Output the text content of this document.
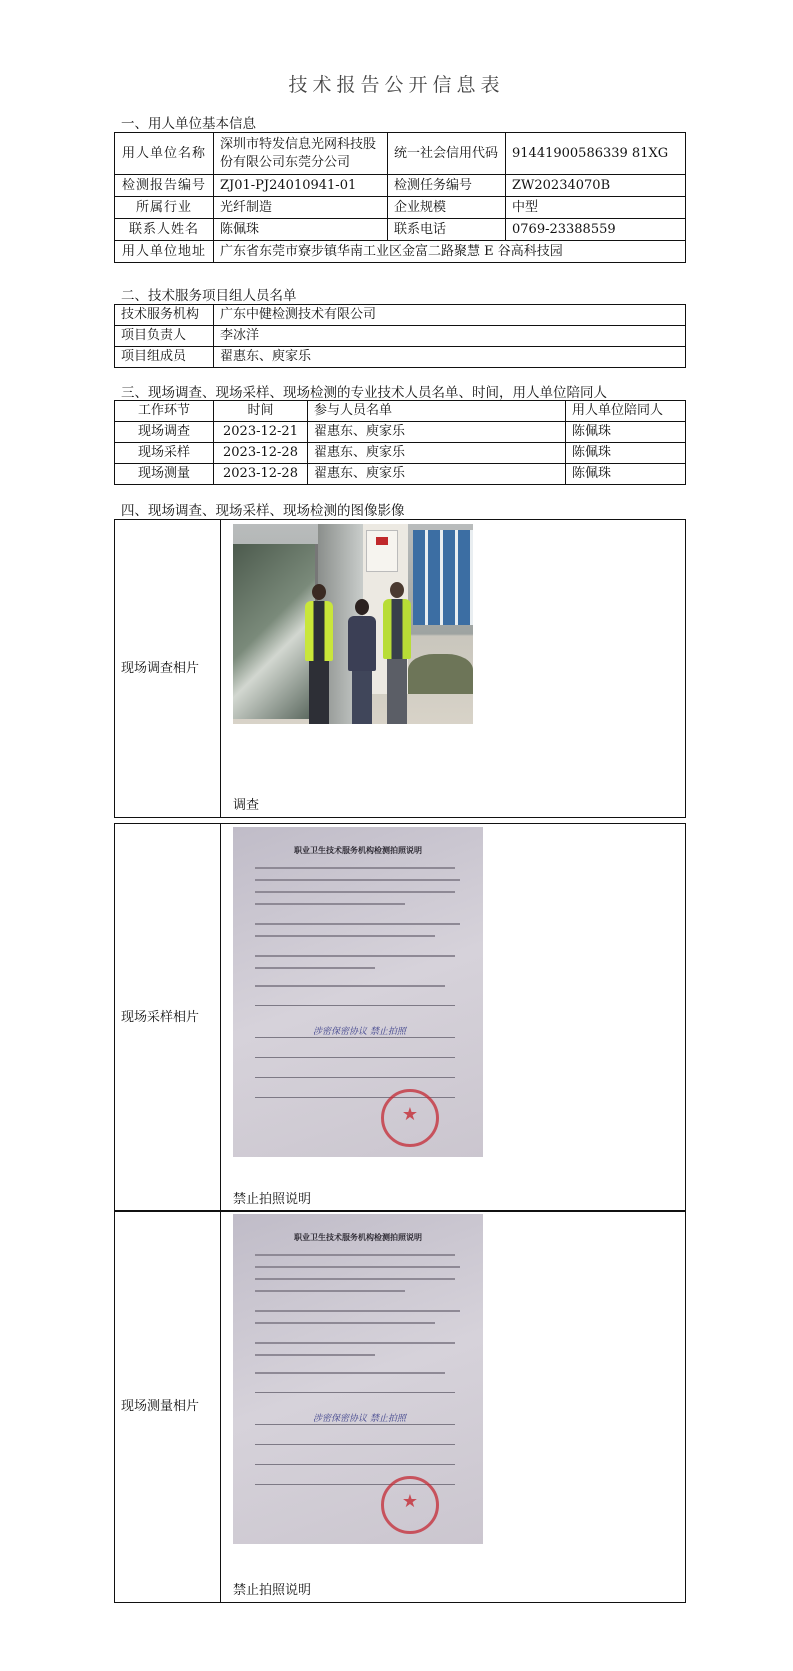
技术报告公开信息表
一、用人单位基本信息
用人单位名称	深圳市特发信息光网科技股份有限公司东莞分公司	统一社会信用代码	91441900586339 81XG
检测报告编号	ZJ01-PJ24010941-01	检测任务编号	ZW20234070B
所属行业	光纤制造	企业规模	中型
联系人姓名	陈佩珠	联系电话	0769-23388559
用人单位地址	广东省东莞市寮步镇华南工业区金富二路聚慧 E 谷高科技园		
二、技术服务项目组人员名单
技术服务机构	广东中健检测技术有限公司
项目负责人	李冰洋
项目组成员	翟惠东、庾家乐
三、现场调查、现场采样、现场检测的专业技术人员名单、时间，用人单位陪同人
工作环节	时间	参与人员名单	用人单位陪同人
现场调查	2023-12-21	翟惠东、庾家乐	陈佩珠
现场采样	2023-12-28	翟惠东、庾家乐	陈佩珠
现场测量	2023-12-28	翟惠东、庾家乐	陈佩珠
四、现场调查、现场采样、现场检测的图像影像
现场调查相片	
调查
现场采样相片	
职业卫生技术服务机构检测拍照说明
涉密保密协议 禁止拍照
★
禁止拍照说明
现场测量相片	
职业卫生技术服务机构检测拍照说明
涉密保密协议 禁止拍照
★
禁止拍照说明
